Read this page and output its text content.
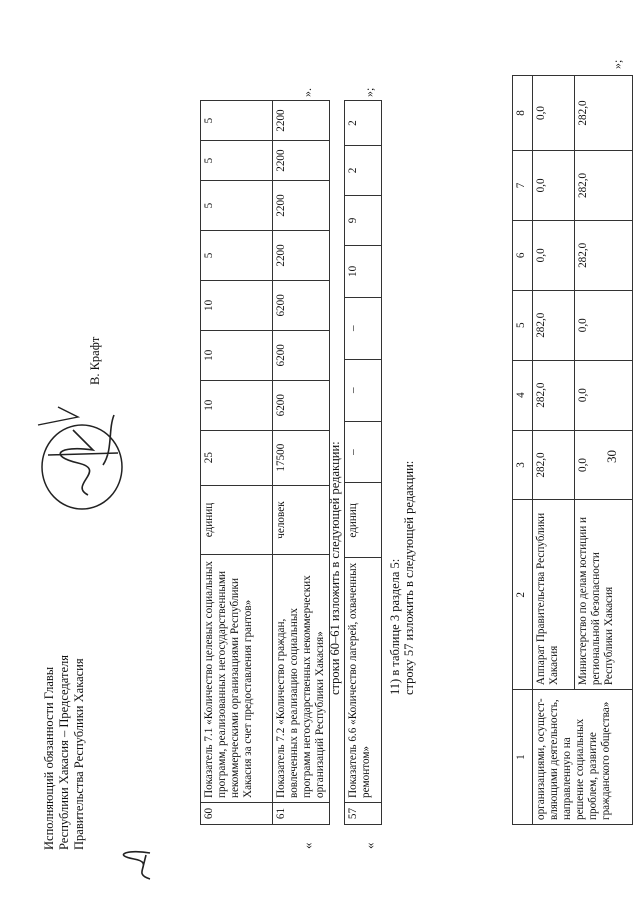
30
1	2	3	4	5	6	7	8
организациями, осущест-вляющими деятельность, направленную на решение социальных проблем, развитие гражданского общества»	Аппарат Правительства Республики Хакасия	282,0	282,0	282,0	0,0	0,0	0,0
	Министерство по делам юстиции и региональной безопасности Республики Хакасия	0,0	0,0	0,0	282,0	282,0	282,0
»;
11) в таблице 3 раздела 5: строку 57 изложить в следующей редакции:
«
57	Показатель 6.6 «Количество лагерей, охваченных ремонтом»	единиц	–	–	–	10	9	2	2
»;
строки 60–61 изложить в следующей редакции:
«
60	Показатель 7.1 «Количество целевых социальных программ, реализованных негосударственными некоммерческими организациями Республики Хакасия за счет предоставления грантов»	единиц	25	10	10	10	5	5	5	5
61	Показатель 7.2 «Количество граждан, вовлеченных в реализацию социальных программ негосударственных некоммерческих организаций Республики Хакасия»	человек	17500	6200	6200	6200	2200	2200	2200	2200
».
Исполняющий обязанности Главы Республики Хакасия – Председателя Правительства Республики Хакасия
В. Крафт
